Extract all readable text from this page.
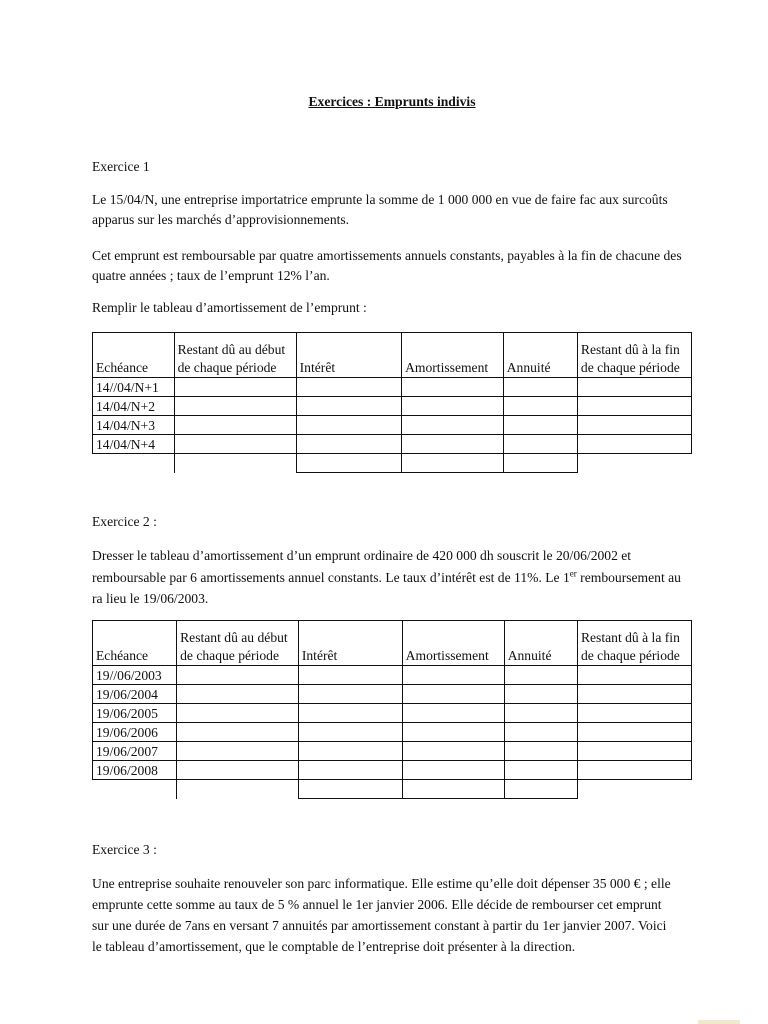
Exercices : Emprunts indivis

Exercice 1

Le 15/04/N, une entreprise importatrice emprunte la somme de 1 000 000 en vue de faire fac aux surcoûts apparus sur les marchés d’approvisionnements.

Cet emprunt est remboursable par quatre amortissements annuels constants, payables à la fin de chacune des quatre années ; taux de l’emprunt 12% l’an.

Remplir le tableau d’amortissement de l’emprunt :

Echéance	Restant dû au début de chaque période	Intérêt	Amortissement	Annuité	Restant dû à la fin de chaque période
14//04/N+1					
14/04/N+2					
14/04/N+3					
14/04/N+4					

Exercice 2 :

Dresser le tableau d’amortissement d’un emprunt ordinaire de 420 000 dh souscrit le 20/06/2002 et remboursable par 6 amortissements annuel constants. Le taux d’intérêt est de 11%. Le 1er remboursement au ra lieu le 19/06/2003.

Echéance	Restant dû au début de chaque période	Intérêt	Amortissement	Annuité	Restant dû à la fin de chaque période
19//06/2003					
19/06/2004					
19/06/2005					
19/06/2006					
19/06/2007					
19/06/2008					

Exercice 3 :

Une entreprise souhaite renouveler son parc informatique. Elle estime qu’elle doit dépenser 35 000 € ; elle emprunte cette somme au taux de 5 % annuel le 1er janvier 2006. Elle décide de rembourser cet emprunt sur une durée de 7ans en versant 7 annuités par amortissement constant à partir du 1er janvier 2007. Voici le tableau d’amortissement, que le comptable de l’entreprise doit présenter à la direction.
